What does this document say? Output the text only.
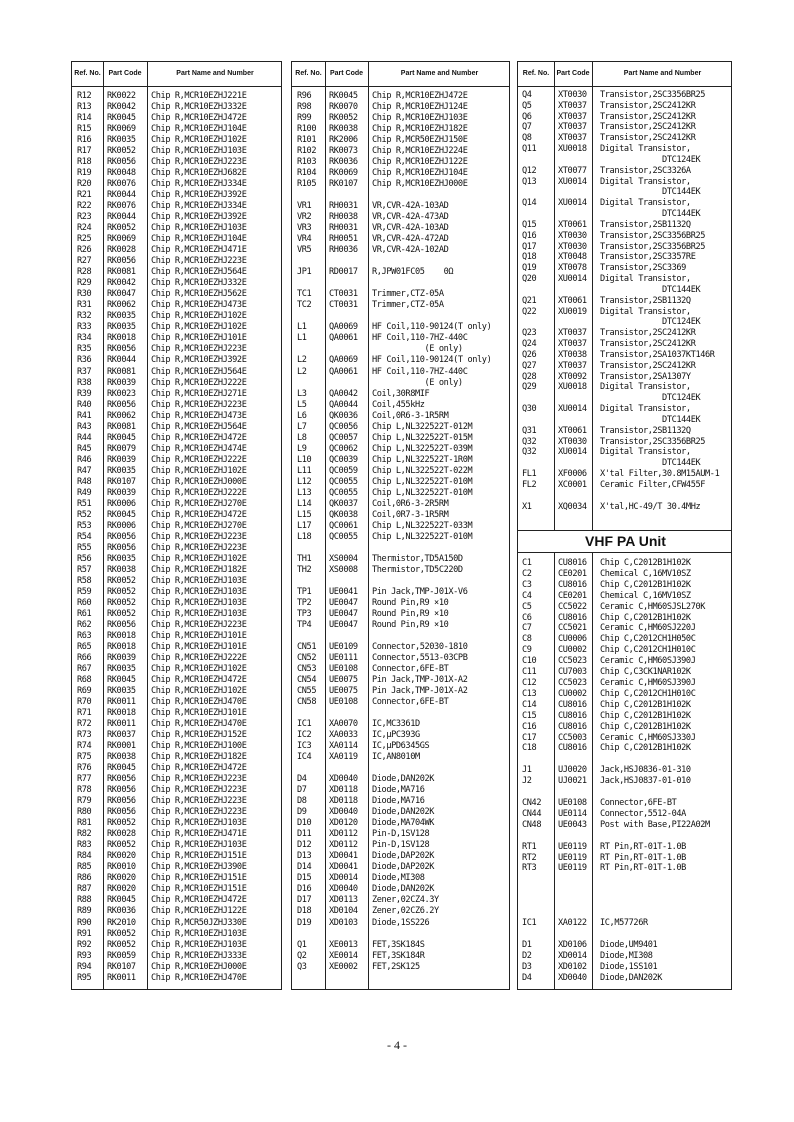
Ref. No.	Part Code	Part Name and Number
R12 RK0022 Chip R,MCR10EZHJ221E
R13 RK0042 Chip R,MCR10EZHJ332E
R14 RK0045 Chip R,MCR10EZHJ472E
R15 RK0069 Chip R,MCR10EZHJ104E
R16 RK0035 Chip R,MCR10EZHJ102E
R17 RK0052 Chip R,MCR10EZHJ103E
R18 RK0056 Chip R,MCR10EZHJ223E
R19 RK0048 Chip R,MCR10EZHJ682E
R20 RK0076 Chip R,MCR10EZHJ334E
R21 RK0044 Chip R,MCR10EZHJ392E
R22 RK0076 Chip R,MCR10EZHJ334E
R23 RK0044 Chip R,MCR10EZHJ392E
R24 RK0052 Chip R,MCR10EZHJ103E
R25 RK0069 Chip R,MCR10EZHJ104E
R26 RK0028 Chip R,MCR10EZHJ471E
R27 RK0056 Chip R,MCR10EZHJ223E
R28 RK0081 Chip R,MCR10EZHJ564E
R29 RK0042 Chip R,MCR10EZHJ332E
R30 RK0047 Chip R,MCR10EZHJ562E
R31 RK0062 Chip R,MCR10EZHJ473E
R32 RK0035 Chip R,MCR10EZHJ102E
R33 RK0035 Chip R,MCR10EZHJ102E
R34 RK0018 Chip R,MCR10EZHJ101E
R35 RK0056 Chip R,MCR10EZHJ223E
R36 RK0044 Chip R,MCR10EZHJ392E
R37 RK0081 Chip R,MCR10EZHJ564E
R38 RK0039 Chip R,MCR10EZHJ222E
R39 RK0023 Chip R,MCR10EZHJ271E
R40 RK0056 Chip R,MCR10EZHJ223E
R41 RK0062 Chip R,MCR10EZHJ473E
R43 RK0081 Chip R,MCR10EZHJ564E
R44 RK0045 Chip R,MCR10EZHJ472E
R45 RK0079 Chip R,MCR10EZHJ474E
R46 RK0039 Chip R,MCR10EZHJ222E
R47 RK0035 Chip R,MCR10EZHJ102E
R48 RK0107 Chip R,MCR10EZHJ000E
R49 RK0039 Chip R,MCR10EZHJ222E
R51 RK0006 Chip R,MCR10EZHJ270E
R52 RK0045 Chip R,MCR10EZHJ472E
R53 RK0006 Chip R,MCR10EZHJ270E
R54 RK0056 Chip R,MCR10EZHJ223E
R55 RK0056 Chip R,MCR10EZHJ223E
R56 RK0035 Chip R,MCR10EZHJ102E
R57 RK0038 Chip R,MCR10EZHJ182E
R58 RK0052 Chip R,MCR10EZHJ103E
R59 RK0052 Chip R,MCR10EZHJ103E
R60 RK0052 Chip R,MCR10EZHJ103E
R61 RK0052 Chip R,MCR10EZHJ103E
R62 RK0056 Chip R,MCR10EZHJ223E
R63 RK0018 Chip R,MCR10EZHJ101E
R65 RK0018 Chip R,MCR10EZHJ101E
R66 RK0039 Chip R,MCR10EZHJ222E
R67 RK0035 Chip R,MCR10EZHJ102E
R68 RK0045 Chip R,MCR10EZHJ472E
R69 RK0035 Chip R,MCR10EZHJ102E
R70 RK0011 Chip R,MCR10EZHJ470E
R71 RK0018 Chip R,MCR10EZHJ101E
R72 RK0011 Chip R,MCR10EZHJ470E
R73 RK0037 Chip R,MCR10EZHJ152E
R74 RK0001 Chip R,MCR10EZHJ100E
R75 RK0038 Chip R,MCR10EZHJ182E
R76 RK0045 Chip R,MCR10EZHJ472E
R77 RK0056 Chip R,MCR10EZHJ223E
R78 RK0056 Chip R,MCR10EZHJ223E
R79 RK0056 Chip R,MCR10EZHJ223E
R80 RK0056 Chip R,MCR10EZHJ223E
R81 RK0052 Chip R,MCR10EZHJ103E
R82 RK0028 Chip R,MCR10EZHJ471E
R83 RK0052 Chip R,MCR10EZHJ103E
R84 RK0020 Chip R,MCR10EZHJ151E
R85 RK0010 Chip R,MCR10EZHJ390E
R86 RK0020 Chip R,MCR10EZHJ151E
R87 RK0020 Chip R,MCR10EZHJ151E
R88 RK0045 Chip R,MCR10EZHJ472E
R89 RK0036 Chip R,MCR10EZHJ122E
R90 RK2010 Chip R,MCR50JZHJ330E
R91 RK0052 Chip R,MCR10EZHJ103E
R92 RK0052 Chip R,MCR10EZHJ103E
R93 RK0059 Chip R,MCR10EZHJ333E
R94 RK0107 Chip R,MCR10EZHJ000E
R95 RK0011 Chip R,MCR10EZHJ470E
Ref. No.	Part Code	Part Name and Number
R96 RK0045 Chip R,MCR10EZHJ472E
R98 RK0070 Chip R,MCR10EZHJ124E
R99 RK0052 Chip R,MCR10EZHJ103E
R100 RK0038 Chip R,MCR10EZHJ182E
R101 RK2006 Chip R,MCR50EZHJ150E
R102 RK0073 Chip R,MCR10EZHJ224E
R103 RK0036 Chip R,MCR10EZHJ122E
R104 RK0069 Chip R,MCR10EZHJ104E
R105 RK0107 Chip R,MCR10EZHJ000E
VR1 RH0031 VR,CVR-42A-103AD
VR2 RH0038 VR,CVR-42A-473AD
VR3 RH0031 VR,CVR-42A-103AD
VR4 RH0051 VR,CVR-42A-472AD
VR5 RH0036 VR,CVR-42A-102AD
JP1 RD0017 R,JPW01FC05    0Ω
TC1 CT0031 Trimmer,CTZ-05A
TC2 CT0031 Trimmer,CTZ-05A
L1	QA0069 HF Coil,110-90124(T only)
L1	QA0061 HF Coil,110-7HZ-440C
(E only)
L2	QA0069 HF Coil,110-90124(T only)
L2	QA0061 HF Coil,110-7HZ-440C
(E only)
L3	QA0042 Coil,30R8MIF
L5	QA0044 Coil,455kHz
L6	QK0036 Coil,0R6-3-1R5RM
L7	QC0056 Chip L,NL322522T-012M
L8	QC0057 Chip L,NL322522T-015M
L9	QC0062 Chip L,NL322522T-039M
L10 QC0039 Chip L,NL322522T-1R0M
L11 QC0059 Chip L,NL322522T-022M
L12 QC0055 Chip L,NL322522T-010M
L13 QC0055 Chip L,NL322522T-010M
L14 QK0037 Coil,0R6-3-2R5RM
L15 QK0038 Coil,0R7-3-1R5RM
L17 QC0061 Chip L,NL322522T-033M
L18 QC0055 Chip L,NL322522T-010M
TH1 XS0004 Thermistor,TD5A150D
TH2 XS0008 Thermistor,TD5C220D
TP1 UE0041 Pin Jack,TMP-J01X-V6
TP2 UE0047 Round Pin,R9 ×10
TP3 UE0047 Round Pin,R9 ×10
TP4 UE0047 Round Pin,R9 ×10
CN51 UE0109 Connector,52030-1810
CN52 UE0111 Connector,5513-03CPB
CN53 UE0108 Connector,6FE-BT
CN54 UE0075 Pin Jack,TMP-J01X-A2
CN55 UE0075 Pin Jack,TMP-J01X-A2
CN58 UE0108 Connector,6FE-BT
IC1 XA0070 IC,MC3361D
IC2 XA0033 IC,μPC393G
IC3 XA0114 IC,μPD6345GS
IC4 XA0119 IC,AN8010M
D4	XD0040 Diode,DAN202K
D7	XD0118 Diode,MA716
D8	XD0118 Diode,MA716
D9	XD0040 Diode,DAN202K
D10 XD0120 Diode,MA704WK
D11 XD0112 Pin-D,1SV128
D12 XD0112 Pin-D,1SV128
D13 XD0041 Diode,DAP202K
D14 XD0041 Diode,DAP202K
D15 XD0014 Diode,MI308
D16 XD0040 Diode,DAN202K
D17 XD0113 Zener,02CZ4.3Y
D18 XD0104 Zener,02CZ6.2Y
D19 XD0103 Diode,1SS226
Q1	XE0013 FET,3SK184S
Q2	XE0014 FET,3SK184R
Q3	XE0002 FET,2SK125
Ref. No.	Part Code	Part Name and Number
VHF PA Unit
Q4	XT0030 Transistor,2SC3356BR25
Q5	XT0037 Transistor,2SC2412KR
Q6	XT0037 Transistor,2SC2412KR
Q7	XT0037 Transistor,2SC2412KR
Q8	XT0037 Transistor,2SC2412KR
Q11	XU0018 Digital Transistor,
DTC124EK
Q12	XT0077 Transistor,2SC3326A
Q13	XU0014 Digital Transistor,
DTC144EK
Q14	XU0014 Digital Transistor,
DTC144EK
Q15	XT0061 Transistor,2SB1132Q
Q16	XT0030 Transistor,2SC3356BR25
Q17	XT0030 Transistor,2SC3356BR25
Q18	XT0048 Transistor,2SC3357RE
Q19	XT0078 Transistor,2SC3369
Q20	XU0014 Digital Transistor,
DTC144EK
Q21	XT0061 Transistor,2SB1132Q
Q22	XU0019 Digital Transistor,
DTC124EK
Q23	XT0037 Transistor,2SC2412KR
Q24	XT0037 Transistor,2SC2412KR
Q26	XT0038 Transistor,2SA1037KT146R
Q27	XT0037 Transistor,2SC2412KR
Q28	XT0092 Transistor,2SA1307Y
Q29	XU0018 Digital Transistor,
DTC124EK
Q30	XU0014 Digital Transistor,
DTC144EK
Q31	XT0061 Transistor,2SB1132Q
Q32	XT0030 Transistor,2SC3356BR25
Q32	XU0014 Digital Transistor,
DTC144EK
FL1	XF0006 X'tal Filter,30.8M15AUM-1
FL2	XC0001 Ceramic Filter,CFW455F
X1	XQ0034 X'tal,HC-49/T 30.4MHz
C1	CU8016 Chip C,C2012B1H102K
C2	CE0201 Chemical C,16MV10SZ
C3	CU8016 Chip C,C2012B1H102K
C4	CE0201 Chemical C,16MV10SZ
C5	CC5022 Ceramic C,HM60SJSL270K
C6	CU8016 Chip C,C2012B1H102K
C7	CC5021 Ceramic C,HM60SJ220J
C8	CU0006 Chip C,C2012CH1H050C
C9	CU0002 Chip C,C2012CH1H010C
C10	CC5023 Ceramic C,HM60SJ390J
C11	CU7003 Chip C,C3CK1NAR102K
C12	CC5023 Ceramic C,HM60SJ390J
C13	CU0002 Chip C,C2012CH1H010C
C14	CU8016 Chip C,C2012B1H102K
C15	CU8016 Chip C,C2012B1H102K
C16	CU8016 Chip C,C2012B1H102K
C17	CC5003 Ceramic C,HM60SJ330J
C18	CU8016 Chip C,C2012B1H102K
J1	UJ0020 Jack,HSJ0836-01-310
J2	UJ0021 Jack,HSJ0837-01-010
CN42 UE0108 Connector,6FE-BT
CN44 UE0114 Connector,5512-04A
CN48 UE0043 Post with Base,PI22A02M
RT1	UE0119 RT Pin,RT-01T-1.0B
RT2	UE0119 RT Pin,RT-01T-1.0B
RT3	UE0119 RT Pin,RT-01T-1.0B
IC1	XA0122 IC,M57726R
D1	XD0106 Diode,UM9401
D2	XD0014 Diode,MI308
D3	XD0102 Diode,1SS101
D4	XD0040 Diode,DAN202K
- 4 -
